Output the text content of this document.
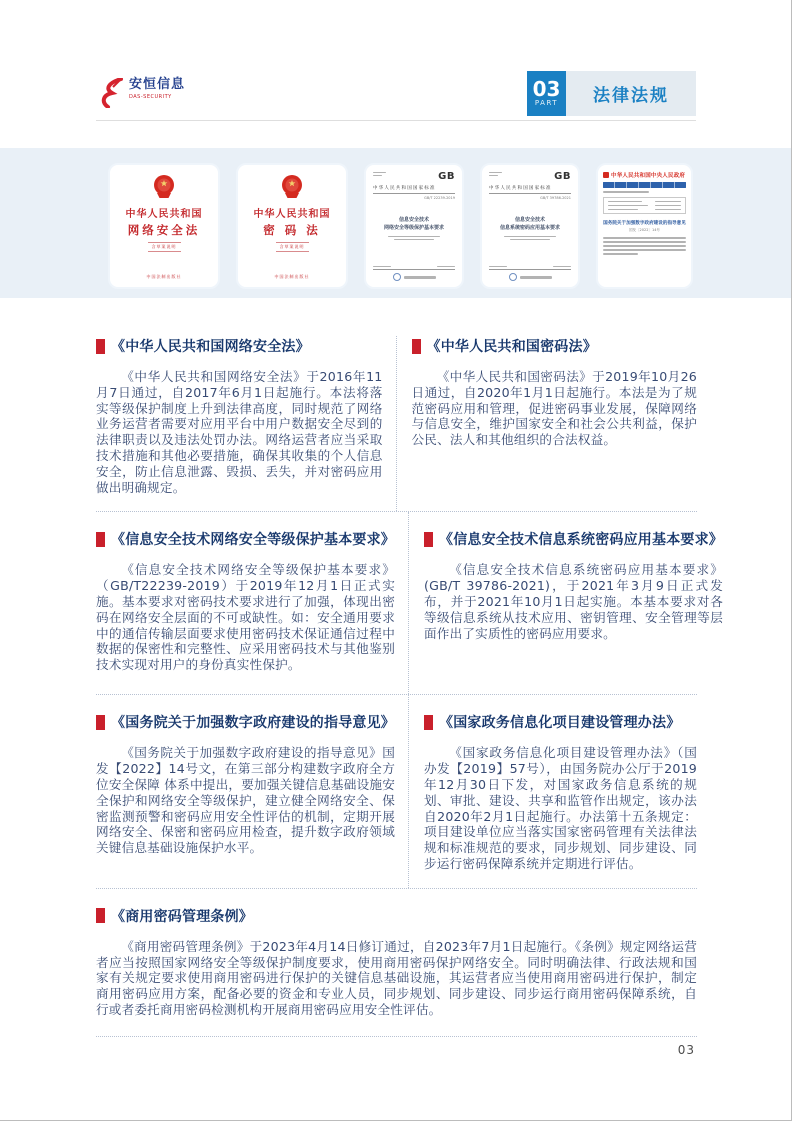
安恒信息
DAS-SECURITY	03
PART	法律法规
中华人民共和国
网络安全法
含草案说明
中国法制出版社
中华人民共和国
密 码 法
含草案说明
中国法制出版社
GB
中华人民共和国国家标准
GB/T 22239-2019
信息安全技术
网络安全等级保护基本要求
GB
中华人民共和国国家标准
GB/T 39786-2021
信息安全技术
信息系统密码应用基本要求
中华人民共和国中央人民政府
国务院关于加强数字政府建设的指导意见
国发〔2022〕14号
《中华人民共和国网络安全法》

《中华人民共和国网络安全法》于2016年11月7日通过，自2017年6月1日起施行。本法将落实等级保护制度上升到法律高度，同时规范了网络业务运营者需要对应用平台中用户数据安全尽到的法律职责以及违法处罚办法。网络运营者应当采取技术措施和其他必要措施，确保其收集的个人信息安全，防止信息泄露、毁损、丢失，并对密码应用做出明确规定。

《中华人民共和国密码法》

《中华人民共和国密码法》于2019年10月26日通过，自2020年1月1日起施行。本法是为了规范密码应用和管理，促进密码事业发展，保障网络与信息安全，维护国家安全和社会公共利益，保护公民、法人和其他组织的合法权益。

《信息安全技术网络安全等级保护基本要求》

《信息安全技术网络安全等级保护基本要求》（GB/T22239-2019）于2019年12月1日正式实施。基本要求对密码技术要求进行了加强，体现出密码在网络安全层面的不可或缺性。如：安全通用要求中的通信传输层面要求使用密码技术保证通信过程中数据的保密性和完整性、应采用密码技术与其他鉴别技术实现对用户的身份真实性保护。

《信息安全技术信息系统密码应用基本要求》

《信息安全技术信息系统密码应用基本要求》(GB/T 39786-2021)，于2021年3月9日正式发布，并于2021年10月1日起实施。本基本要求对各等级信息系统从技术应用、密钥管理、安全管理等层面作出了实质性的密码应用要求。

《国务院关于加强数字政府建设的指导意见》

《国务院关于加强数字政府建设的指导意见》国发【2022】14号文，在第三部分构建数字政府全方位安全保障 体系中提出，要加强关键信息基础设施安全保护和网络安全等级保护，建立健全网络安全、保密监测预警和密码应用安全性评估的机制，定期开展网络安全、保密和密码应用检查，提升数字政府领域关键信息基础设施保护水平。

《国家政务信息化项目建设管理办法》

《国家政务信息化项目建设管理办法》（国办发【2019】57号），由国务院办公厅于2019年12月30日下发，对国家政务信息系统的规划、审批、建设、共享和监管作出规定，该办法自2020年2月1日起施行。办法第十五条规定：项目建设单位应当落实国家密码管理有关法律法规和标准规范的要求，同步规划、同步建设、同步运行密码保障系统并定期进行评估。

《商用密码管理条例》

《商用密码管理条例》于2023年4月14日修订通过，自2023年7月1日起施行。《条例》规定网络运营者应当按照国家网络安全等级保护制度要求，使用商用密码保护网络安全。同时明确法律、行政法规和国家有关规定要求使用商用密码进行保护的关键信息基础设施，其运营者应当使用商用密码进行保护，制定商用密码应用方案，配备必要的资金和专业人员，同步规划、同步建设、同步运行商用密码保障系统，自行或者委托商用密码检测机构开展商用密码应用安全性评估。

03
